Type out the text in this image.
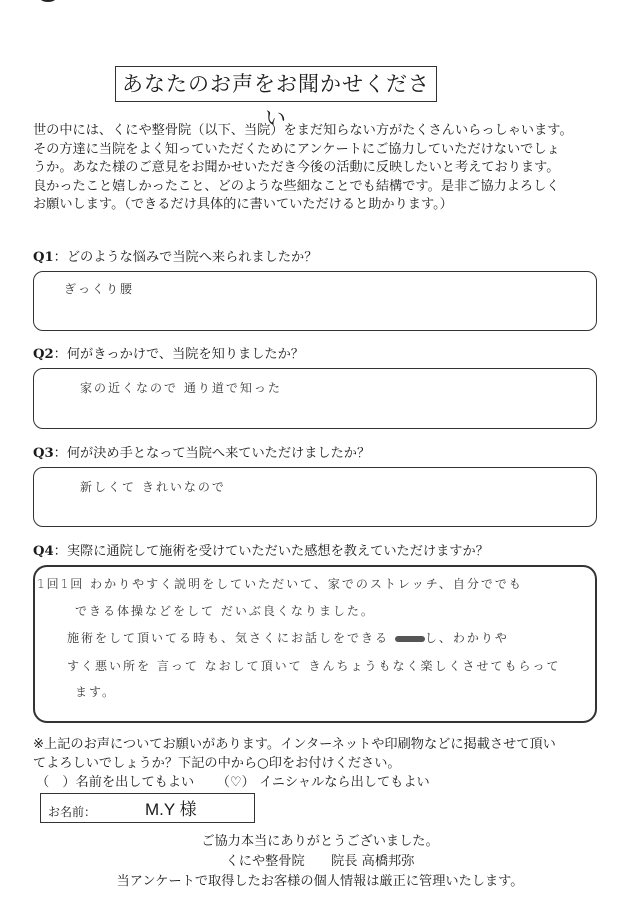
あなたのお声をお聞かせください

世の中には、くにや整骨院（以下、当院）をまだ知らない方がたくさんいらっしゃいます。

その方達に当院をよく知っていただくためにアンケートにご協力していただけないでしょ

うか。あなた様のご意見をお聞かせいただき今後の活動に反映したいと考えております。

良かったこと嬉しかったこと、どのような些細なことでも結構です。是非ご協力よろしく

お願いします。（できるだけ具体的に書いていただけると助かります。）

Q1：どのような悩みで当院へ来られましたか？
ぎっくり腰
Q2：何がきっかけで、当院を知りましたか？
家の近くなので 通り道で知った
Q3：何が決め手となって当院へ来ていただけましたか？
新しくて きれいなので
Q4：実際に通院して施術を受けていただいた感想を教えていただけますか？
1回1回 わかりやすく説明をしていただいて、家でのストレッチ、自分ででも
できる体操などをして だいぶ良くなりました。
施術をして頂いてる時も、気さくにお話しをできる	し、わかりや
すく悪い所を 言って なおして頂いて きんちょうもなく楽しくさせてもらって
ます。
※上記のお声についてお願いがあります。インターネットや印刷物などに掲載させて頂い
てよろしいでしょうか？下記の中から○印をお付けください。
（　）名前を出してもよい （♡） イニシャルなら出してもよい
お名前：	M.Y 様
ご協力本当にありがとうございました。
くにや整骨院　　院長 高橋邦弥
当アンケートで取得したお客様の個人情報は厳正に管理いたします。
